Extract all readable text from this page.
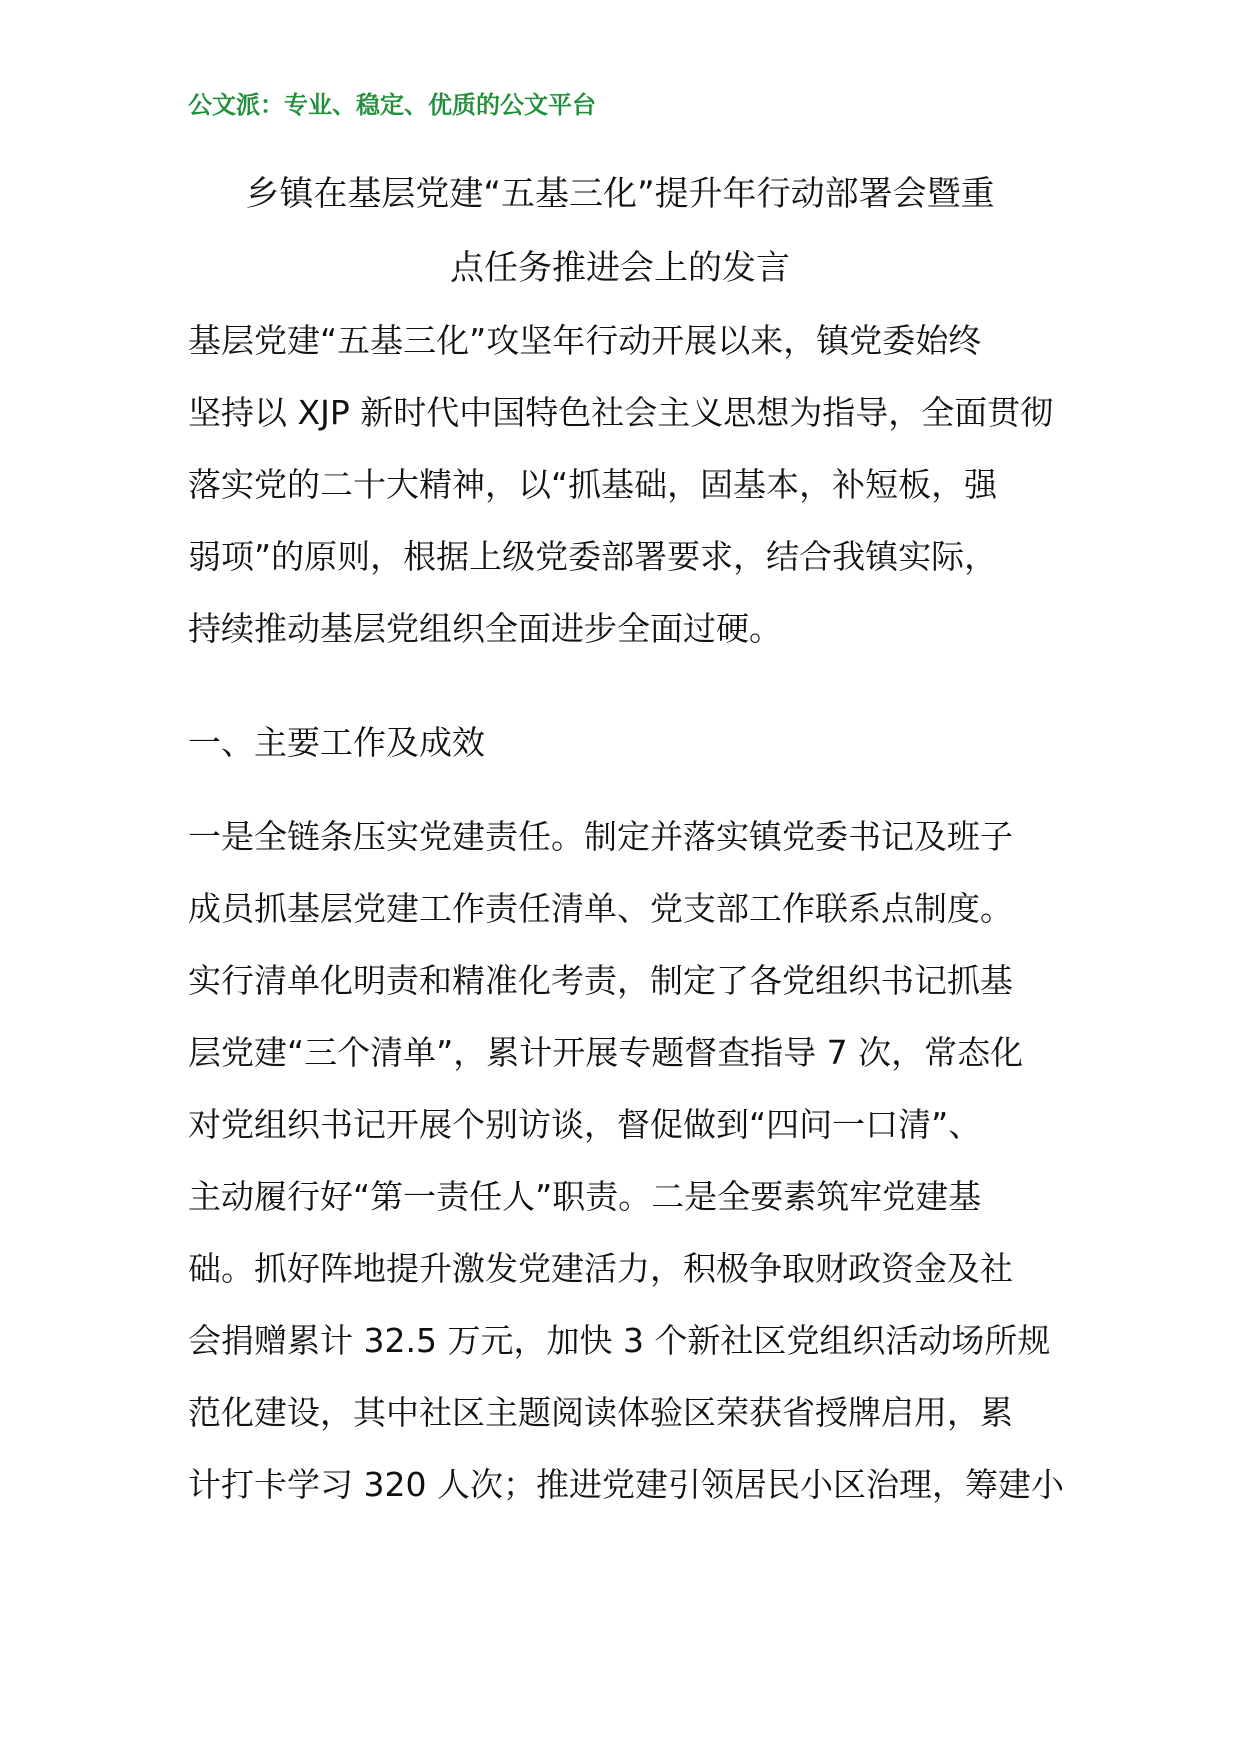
公文派：专业、稳定、优质的公文平台
乡镇在基层党建“五基三化”提升年行动部署会暨重
点任务推进会上的发言
基层党建“五基三化”攻坚年行动开展以来，镇党委始终
坚持以 XJP 新时代中国特色社会主义思想为指导，全面贯彻
落实党的二十大精神，以“抓基础，固基本，补短板，强
弱项”的原则，根据上级党委部署要求，结合我镇实际，
持续推动基层党组织全面进步全面过硬。
一、主要工作及成效
一是全链条压实党建责任。制定并落实镇党委书记及班子
成员抓基层党建工作责任清单、党支部工作联系点制度。
实行清单化明责和精准化考责，制定了各党组织书记抓基
层党建“三个清单”，累计开展专题督查指导 7 次，常态化
对党组织书记开展个别访谈，督促做到“四问一口清”、
主动履行好“第一责任人”职责。二是全要素筑牢党建基
础。抓好阵地提升激发党建活力，积极争取财政资金及社
会捐赠累计 32.5 万元，加快 3 个新社区党组织活动场所规
范化建设，其中社区主题阅读体验区荣获省授牌启用，累
计打卡学习 320 人次；推进党建引领居民小区治理，筹建小
